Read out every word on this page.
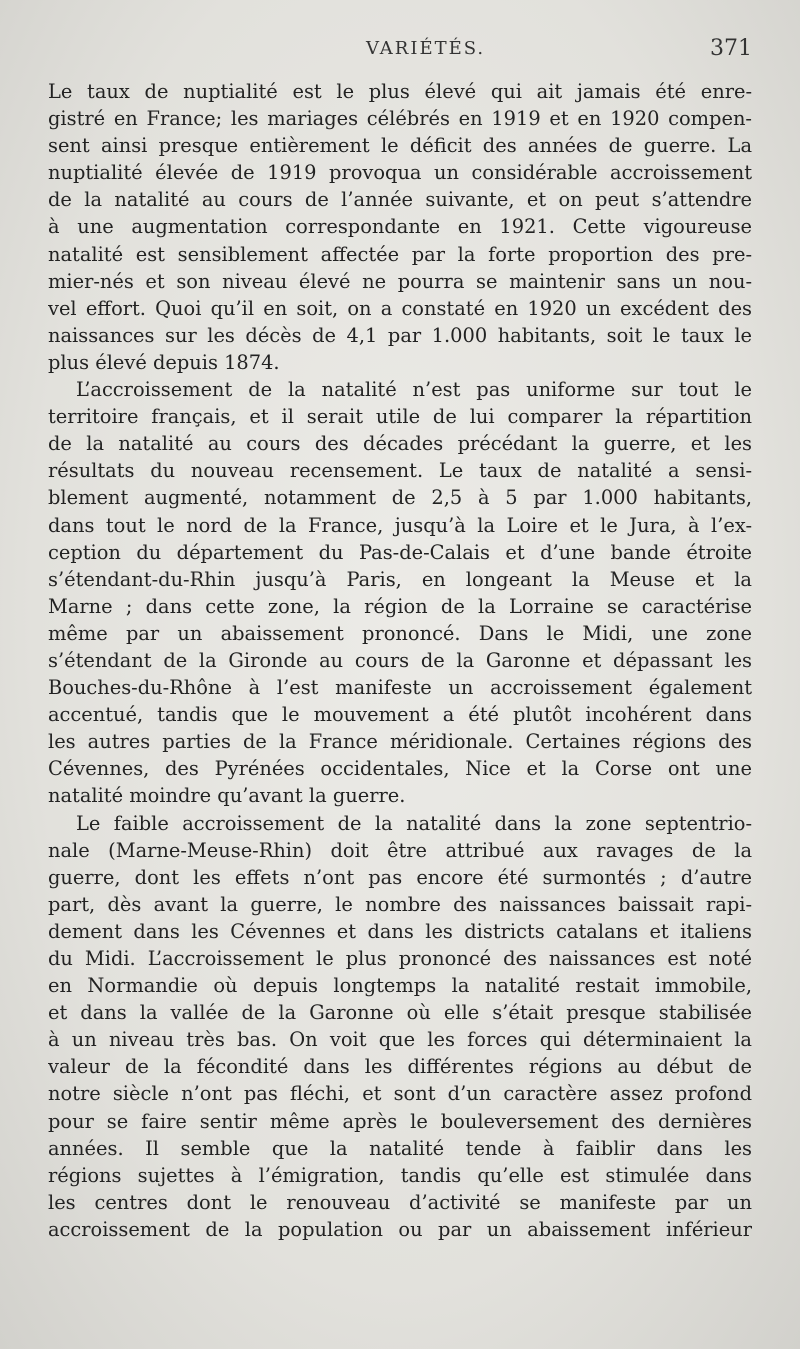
VARIÉTÉS.	371
Le taux de nuptialité est le plus élevé qui ait jamais été enre-
gistré en France; les mariages célébrés en 1919 et en 1920 compen-
sent ainsi presque entièrement le déficit des années de guerre. La
nuptialité élevée de 1919 provoqua un considérable accroissement
de la natalité au cours de l’année suivante, et on peut s’attendre
à une augmentation correspondante en 1921. Cette vigoureuse
natalité est sensiblement affectée par la forte proportion des pre-
mier-nés et son niveau élevé ne pourra se maintenir sans un nou-
vel effort. Quoi qu’il en soit, on a constaté en 1920 un excédent des
naissances sur les décès de 4,1 par 1.000 habitants, soit le taux le
plus élevé depuis 1874.
L’accroissement de la natalité n’est pas uniforme sur tout le
territoire français, et il serait utile de lui comparer la répartition
de la natalité au cours des décades précédant la guerre, et les
résultats du nouveau recensement. Le taux de natalité a sensi-
blement augmenté, notamment de 2,5 à 5 par 1.000 habitants,
dans tout le nord de la France, jusqu’à la Loire et le Jura, à l’ex-
ception du département du Pas-de-Calais et d’une bande étroite
s’étendant-du-Rhin jusqu’à Paris, en longeant la Meuse et la
Marne ; dans cette zone, la région de la Lorraine se caractérise
même par un abaissement prononcé. Dans le Midi, une zone
s’étendant de la Gironde au cours de la Garonne et dépassant les
Bouches-du-Rhône à l’est manifeste un accroissement également
accentué, tandis que le mouvement a été plutôt incohérent dans
les autres parties de la France méridionale. Certaines régions des
Cévennes, des Pyrénées occidentales, Nice et la Corse ont une
natalité moindre qu’avant la guerre.
Le faible accroissement de la natalité dans la zone septentrio-
nale (Marne-Meuse-Rhin) doit être attribué aux ravages de la
guerre, dont les effets n’ont pas encore été surmontés ; d’autre
part, dès avant la guerre, le nombre des naissances baissait rapi-
dement dans les Cévennes et dans les districts catalans et italiens
du Midi. L’accroissement le plus prononcé des naissances est noté
en Normandie où depuis longtemps la natalité restait immobile,
et dans la vallée de la Garonne où elle s’était presque stabilisée
à un niveau très bas. On voit que les forces qui déterminaient la
valeur de la fécondité dans les différentes régions au début de
notre siècle n’ont pas fléchi, et sont d’un caractère assez profond
pour se faire sentir même après le bouleversement des dernières
années. Il semble que la natalité tende à faiblir dans les
régions sujettes à l’émigration, tandis qu’elle est stimulée dans
les centres dont le renouveau d’activité se manifeste par un
accroissement de la population ou par un abaissement inférieur
